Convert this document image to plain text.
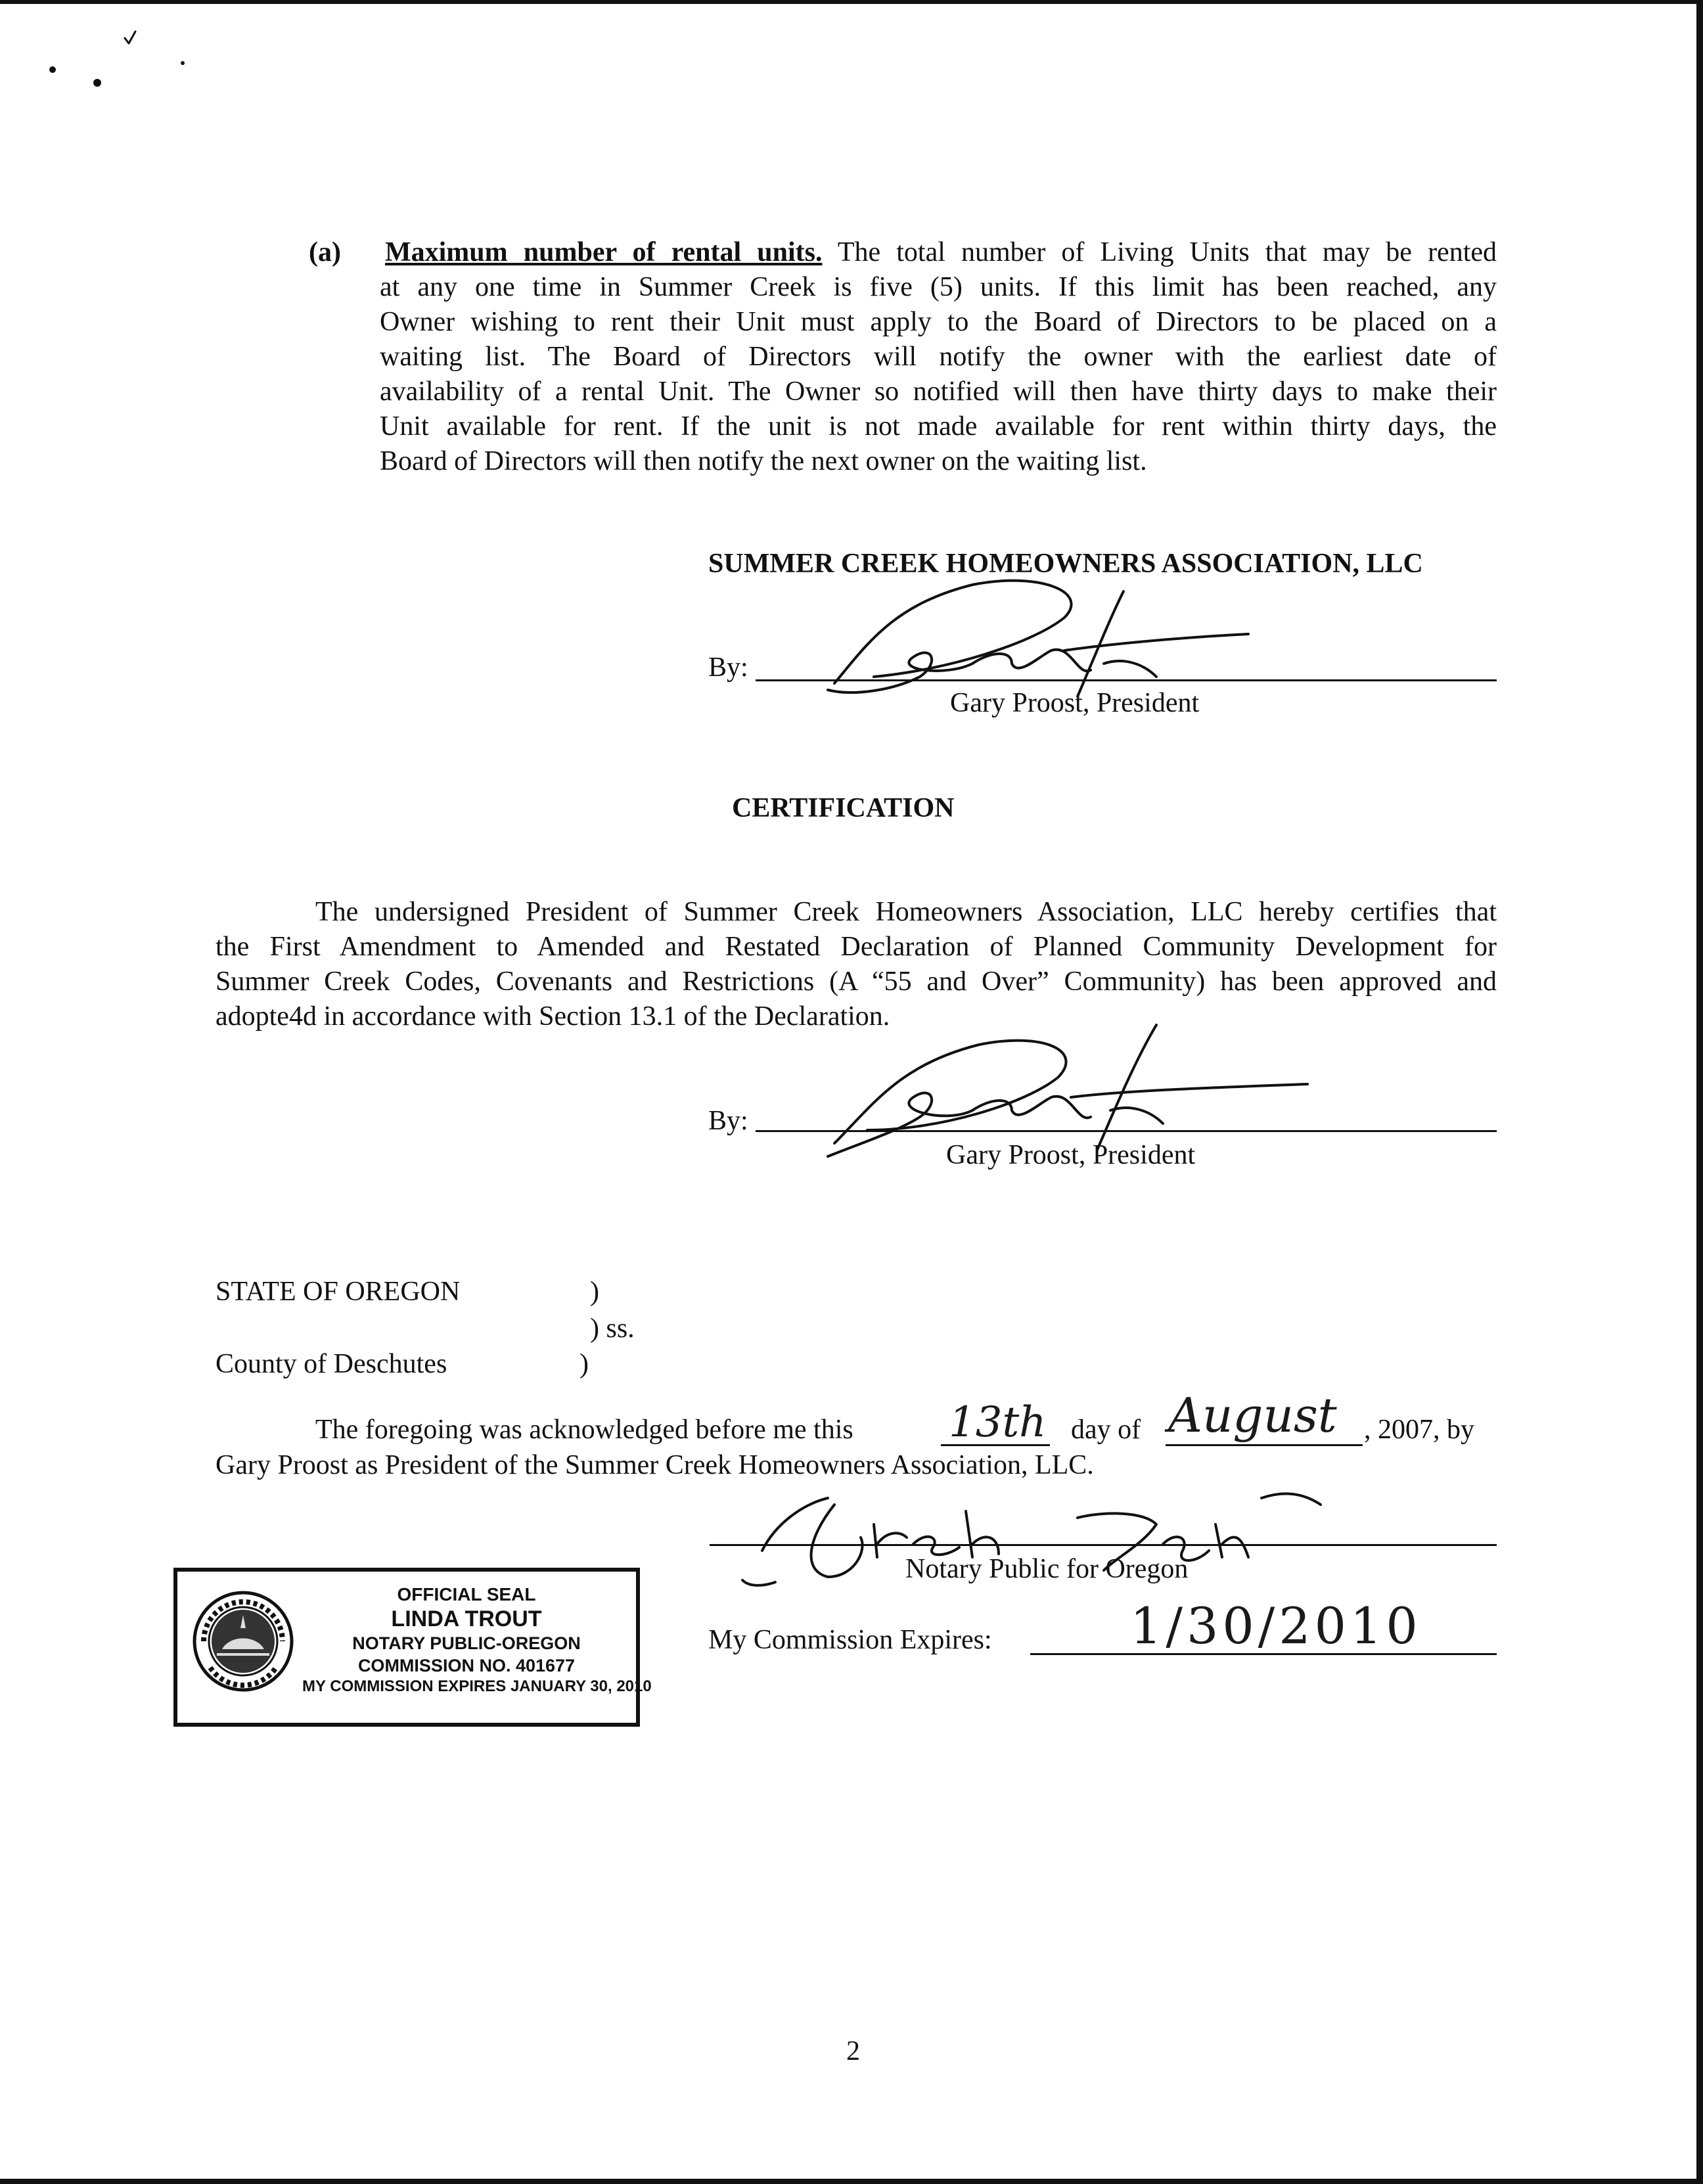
(a) Maximum number of rental units. The total number of Living Units that may be rented
at any one time in Summer Creek is five (5) units. If this limit has been reached, any
Owner wishing to rent their Unit must apply to the Board of Directors to be placed on a
waiting list. The Board of Directors will notify the owner with the earliest date of
availability of a rental Unit. The Owner so notified will then have thirty days to make their
Unit available for rent. If the unit is not made available for rent within thirty days, the
Board of Directors will then notify the next owner on the waiting list.
SUMMER CREEK HOMEOWNERS ASSOCIATION, LLC
By:
Gary Proost, President
CERTIFICATION
The undersigned President of Summer Creek Homeowners Association, LLC hereby certifies that
the First Amendment to Amended and Restated Declaration of Planned Community Development for
Summer Creek Codes, Covenants and Restrictions (A “55 and Over” Community) has been approved and
adopte4d in accordance with Section 13.1 of the Declaration.
By:
Gary Proost, President
STATE OF OREGON	)
) ss.
County of Deschutes	)
The foregoing was acknowledged before me this 13th day of August , 2007, by
Gary Proost as President of the Summer Creek Homeowners Association, LLC.
Notary Public for Oregon
My Commission Expires:	1/30/2010
OFFICIAL SEAL
LINDA TROUT
NOTARY PUBLIC-OREGON
COMMISSION NO. 401677
MY COMMISSION EXPIRES JANUARY 30, 2010
2
